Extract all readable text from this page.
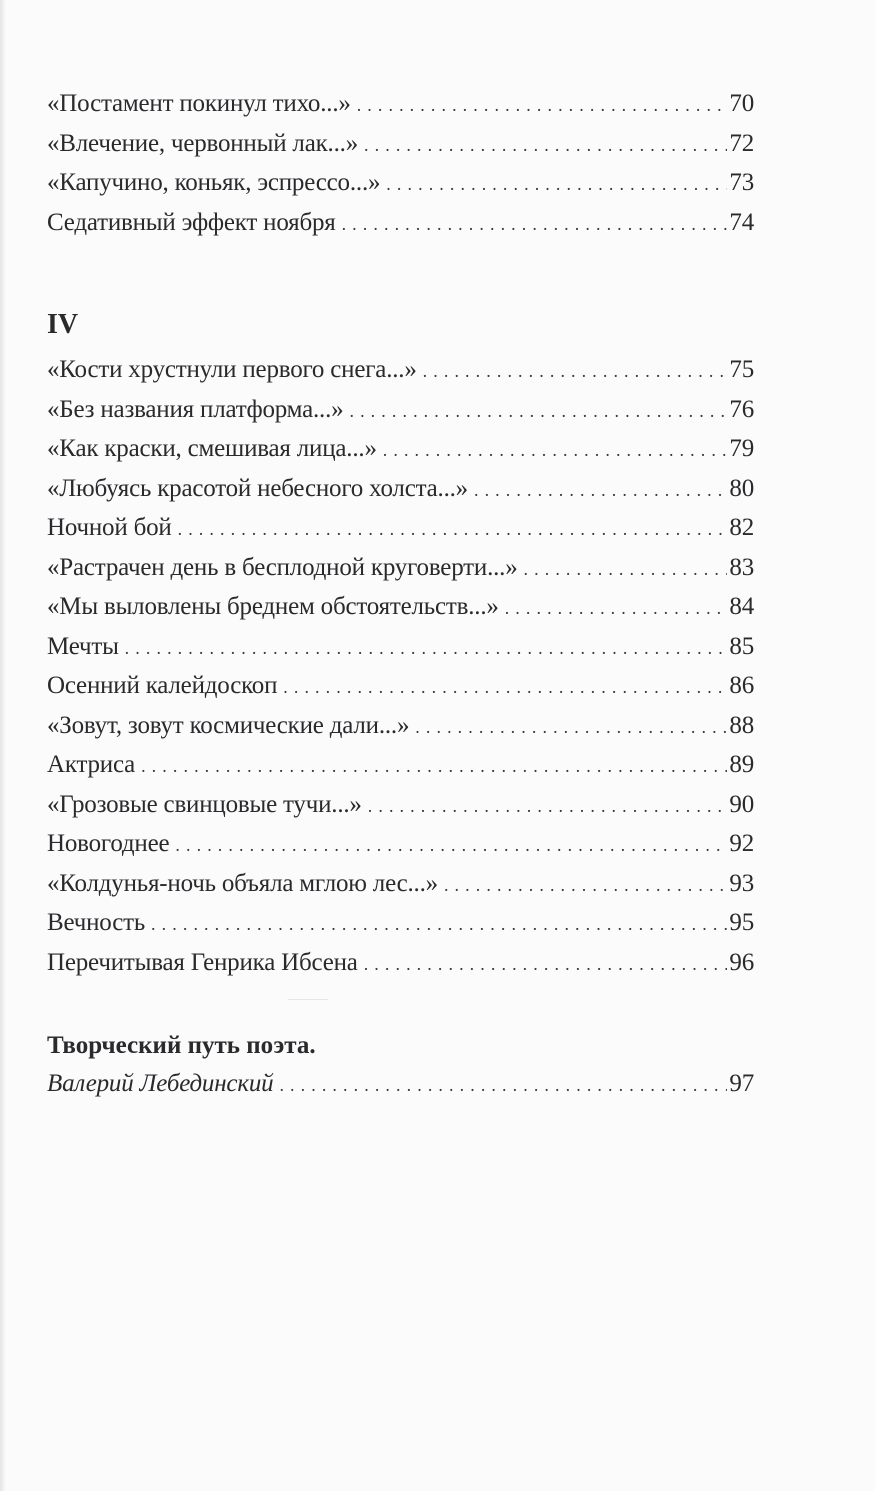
«Постамент покинул тихо...» . . .	70
«Влечение, червонный лак...» . . .	72
«Капучино, коньяк, эспрессо...» . . .	73
Седативный эффект ноября . . .	74
IV
«Кости хрустнули первого снега...» . . .	75
«Без названия платформа...» . . .	76
«Как краски, смешивая лица...» . . .	79
«Любуясь красотой небесного холста...» . . .	80
Ночной бой . . .	82
«Растрачен день в бесплодной круговерти...» . . .	83
«Мы выловлены бреднем обстоятельств...» . . .	84
Мечты . . .	85
Осенний калейдоскоп . . .	86
«Зовут, зовут космические дали...» . . .	88
Актриса . . .	89
«Грозовые свинцовые тучи...» . . .	90
Новогоднее . . .	92
«Колдунья-ночь объяла мглою лес...» . . .	93
Вечность . . .	95
Перечитывая Генрика Ибсена . . .	96
Творческий путь поэта.
Валерий Лебединский . . .	97
